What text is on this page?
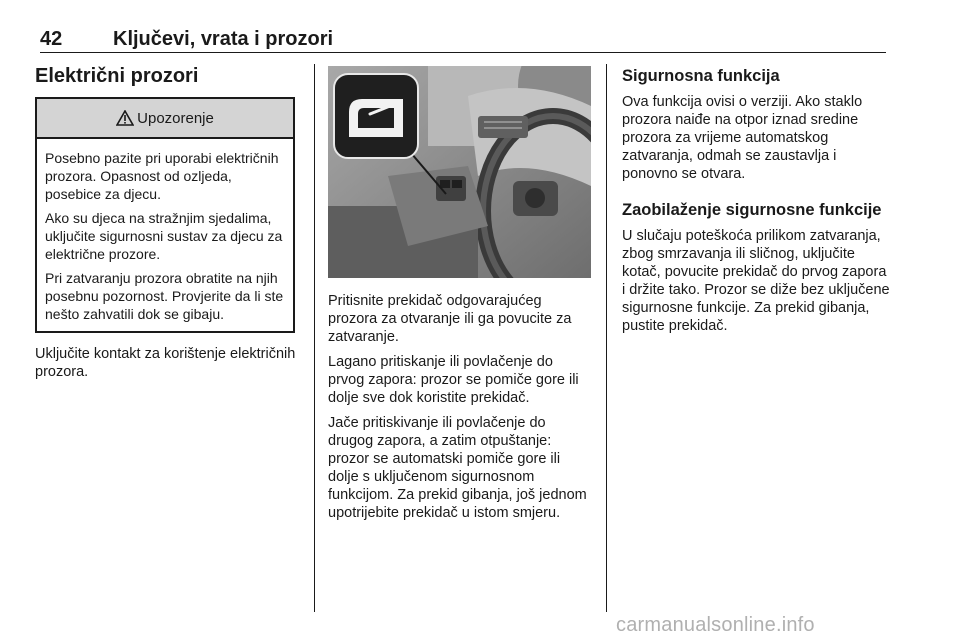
42	Ključevi, vrata i prozori
Električni prozori
Upozorenje

Posebno pazite pri uporabi električnih prozora. Opasnost od ozljeda, posebice za djecu.

Ako su djeca na stražnjim sjedalima, uključite sigurnosni sustav za djecu za električne prozore.

Pri zatvaranju prozora obratite na njih posebnu pozornost. Provjerite da li ste nešto zahvatili dok se gibaju.

Uključite kontakt za korištenje električnih prozora.

Pritisnite prekidač odgovarajućeg prozora za otvaranje ili ga povucite za zatvaranje.

Lagano pritiskanje ili povlačenje do prvog zapora: prozor se pomiče gore ili dolje sve dok koristite prekidač.

Jače pritiskivanje ili povlačenje do drugog zapora, a zatim otpuštanje: prozor se automatski pomiče gore ili dolje s uključenom sigurnosnom funkcijom. Za prekid gibanja, još jednom upotrijebite prekidač u istom smjeru.

Sigurnosna funkcija

Ova funkcija ovisi o verziji. Ako staklo prozora naiđe na otpor iznad sredine prozora za vrijeme automatskog zatvaranja, odmah se zaustavlja i ponovno se otvara.

Zaobilaženje sigurnosne funkcije

U slučaju poteškoća prilikom zatvaranja, zbog smrzavanja ili sličnog, uključite kotač, povucite prekidač do prvog zapora i držite tako. Prozor se diže bez uključene sigurnosne funkcije. Za prekid gibanja, pustite prekidač.

carmanualsonline.info
